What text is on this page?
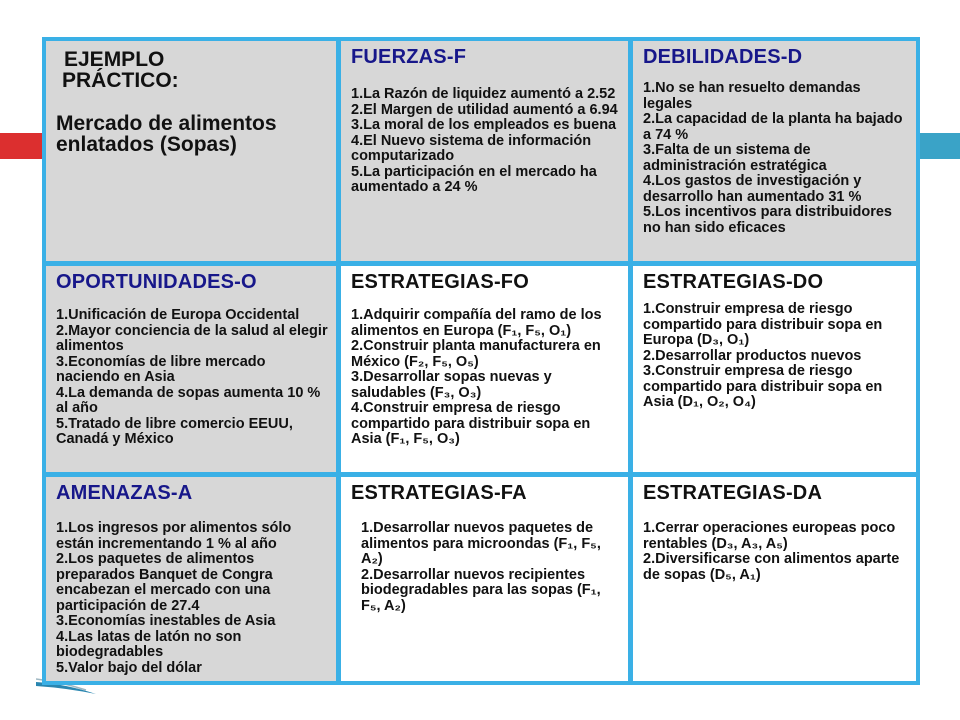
EJEMPLO
PRÁCTICO:
Mercado de alimentos
enlatados (Sopas)
FUERZAS-F
1.La Razón de liquidez aumentó a 2.52
2.El Margen de utilidad aumentó a 6.94
3.La moral de los empleados es buena
4.El Nuevo sistema de información computarizado
5.La participación en el mercado ha aumentado a 24 %
DEBILIDADES-D
1.No se han resuelto demandas legales
2.La capacidad de la planta ha bajado a 74 %
3.Falta de un sistema de administración estratégica
4.Los gastos de investigación y desarrollo han aumentado 31 %
5.Los incentivos para distribuidores no han sido eficaces
OPORTUNIDADES-O
1.Unificación de Europa Occidental
2.Mayor conciencia de la salud al elegir alimentos
3.Economías de libre mercado naciendo en Asia
4.La demanda de sopas aumenta 10 % al año
5.Tratado de libre comercio EEUU, Canadá y México
ESTRATEGIAS-FO
1.Adquirir compañía del ramo de los alimentos en Europa (F₁, F₅, O₁)
2.Construir planta manufacturera en México (F₂, F₅, O₅)
3.Desarrollar sopas nuevas y saludables (F₃, O₃)
4.Construir empresa de riesgo compartido para distribuir sopa en Asia (F₁, F₅, O₃)
ESTRATEGIAS-DO
1.Construir empresa de riesgo compartido para distribuir sopa en Europa (D₃, O₁)
2.Desarrollar productos nuevos
3.Construir empresa de riesgo compartido para distribuir sopa en Asia (D₁, O₂, O₄)
AMENAZAS-A
1.Los ingresos por alimentos sólo están incrementando 1 % al año
2.Los paquetes de alimentos preparados Banquet de Congra encabezan el mercado con una participación de 27.4
3.Economías inestables de Asia
4.Las latas de latón no son biodegradables
5.Valor bajo del dólar
ESTRATEGIAS-FA
1.Desarrollar nuevos paquetes de alimentos para microondas (F₁, F₅, A₂)
2.Desarrollar nuevos recipientes biodegradables para las sopas (F₁, F₅, A₂)
ESTRATEGIAS-DA
1.Cerrar operaciones europeas poco rentables (D₃, A₃, A₅)
2.Diversificarse con alimentos aparte de sopas (D₅, A₁)
